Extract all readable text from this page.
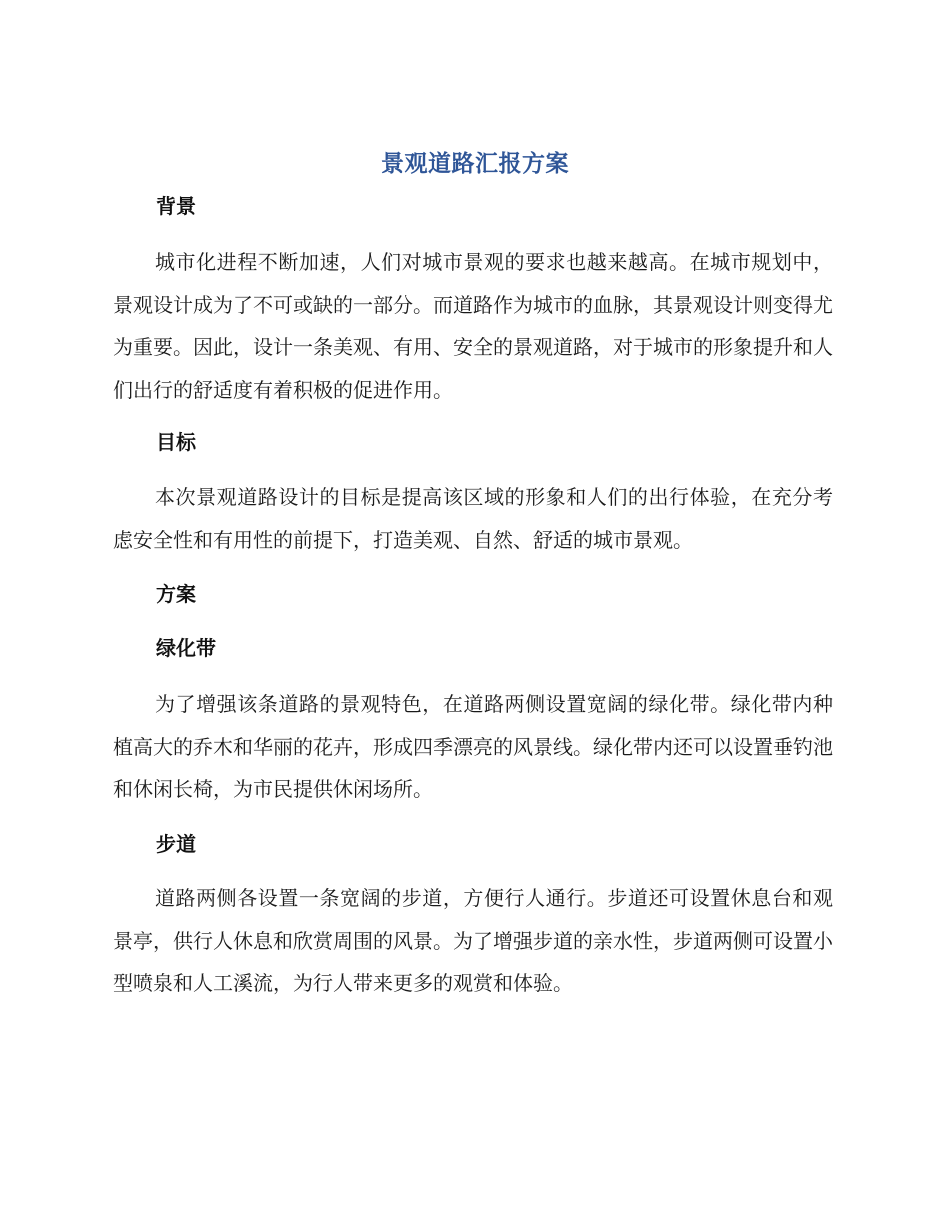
景观道路汇报方案
背景
城市化进程不断加速，人们对城市景观的要求也越来越高。在城市规划中，景观设计成为了不可或缺的一部分。而道路作为城市的血脉，其景观设计则变得尤为重要。因此，设计一条美观、有用、安全的景观道路，对于城市的形象提升和人们出行的舒适度有着积极的促进作用。
目标
本次景观道路设计的目标是提高该区域的形象和人们的出行体验，在充分考虑安全性和有用性的前提下，打造美观、自然、舒适的城市景观。
方案
绿化带
为了增强该条道路的景观特色，在道路两侧设置宽阔的绿化带。绿化带内种植高大的乔木和华丽的花卉，形成四季漂亮的风景线。绿化带内还可以设置垂钓池和休闲长椅，为市民提供休闲场所。
步道
道路两侧各设置一条宽阔的步道，方便行人通行。步道还可设置休息台和观景亭，供行人休息和欣赏周围的风景。为了增强步道的亲水性，步道两侧可设置小型喷泉和人工溪流，为行人带来更多的观赏和体验。
